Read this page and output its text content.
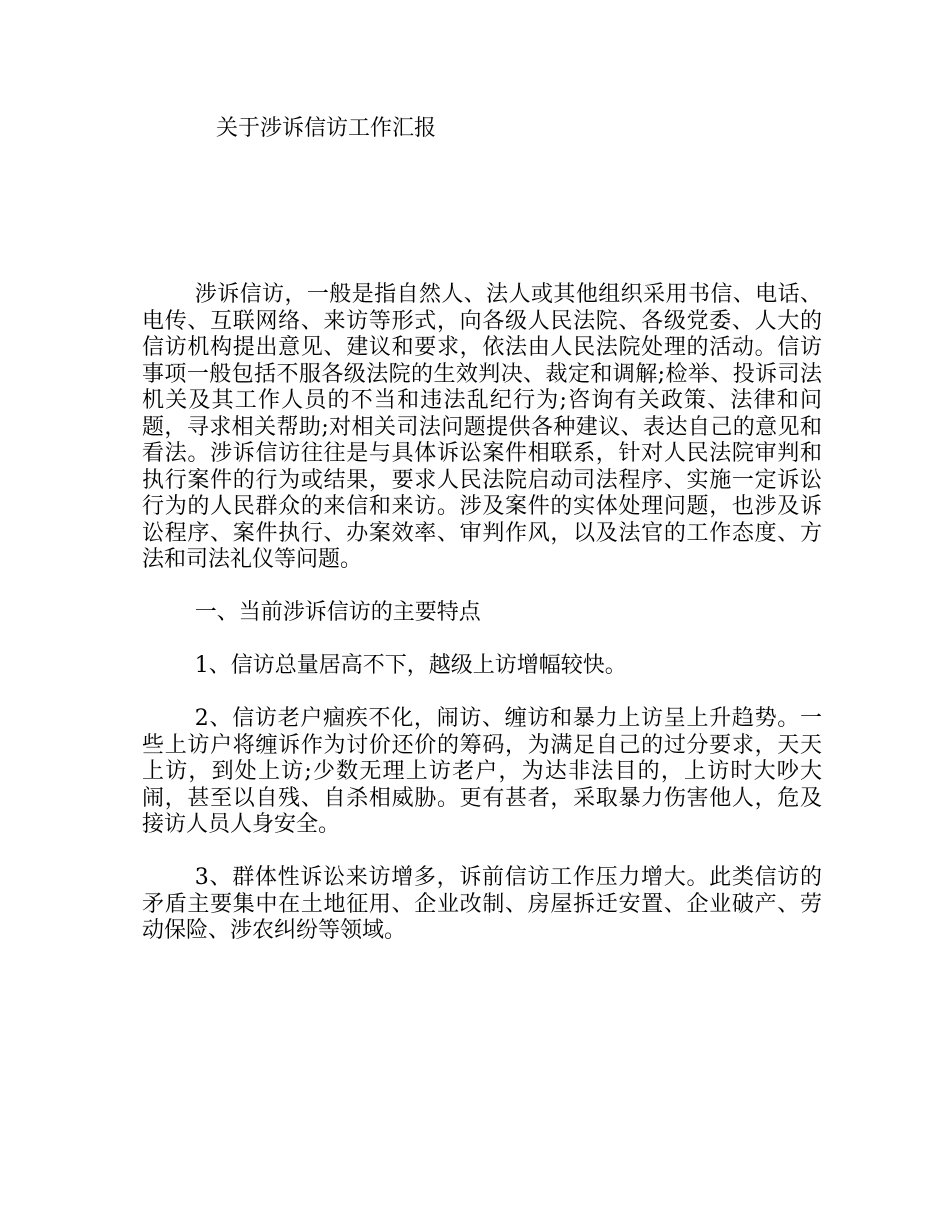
关于涉诉信访工作汇报

涉诉信访，一般是指自然人、法人或其他组织采用书信、电话、电传、互联网络、来访等形式，向各级人民法院、各级党委、人大的信访机构提出意见、建议和要求，依法由人民法院处理的活动。信访事项一般包括不服各级法院的生效判决、裁定和调解;检举、投诉司法机关及其工作人员的不当和违法乱纪行为;咨询有关政策、法律和问题，寻求相关帮助;对相关司法问题提供各种建议、表达自己的意见和看法。涉诉信访往往是与具体诉讼案件相联系，针对人民法院审判和执行案件的行为或结果，要求人民法院启动司法程序、实施一定诉讼行为的人民群众的来信和来访。涉及案件的实体处理问题，也涉及诉讼程序、案件执行、办案效率、审判作风，以及法官的工作态度、方法和司法礼仪等问题。

一、当前涉诉信访的主要特点

1、信访总量居高不下，越级上访增幅较快。

2、信访老户痼疾不化，闹访、缠访和暴力上访呈上升趋势。一些上访户将缠诉作为讨价还价的筹码，为满足自己的过分要求，天天上访，到处上访;少数无理上访老户，为达非法目的，上访时大吵大闹，甚至以自残、自杀相威胁。更有甚者，采取暴力伤害他人，危及接访人员人身安全。

3、群体性诉讼来访增多，诉前信访工作压力增大。此类信访的矛盾主要集中在土地征用、企业改制、房屋拆迁安置、企业破产、劳动保险、涉农纠纷等领域。
